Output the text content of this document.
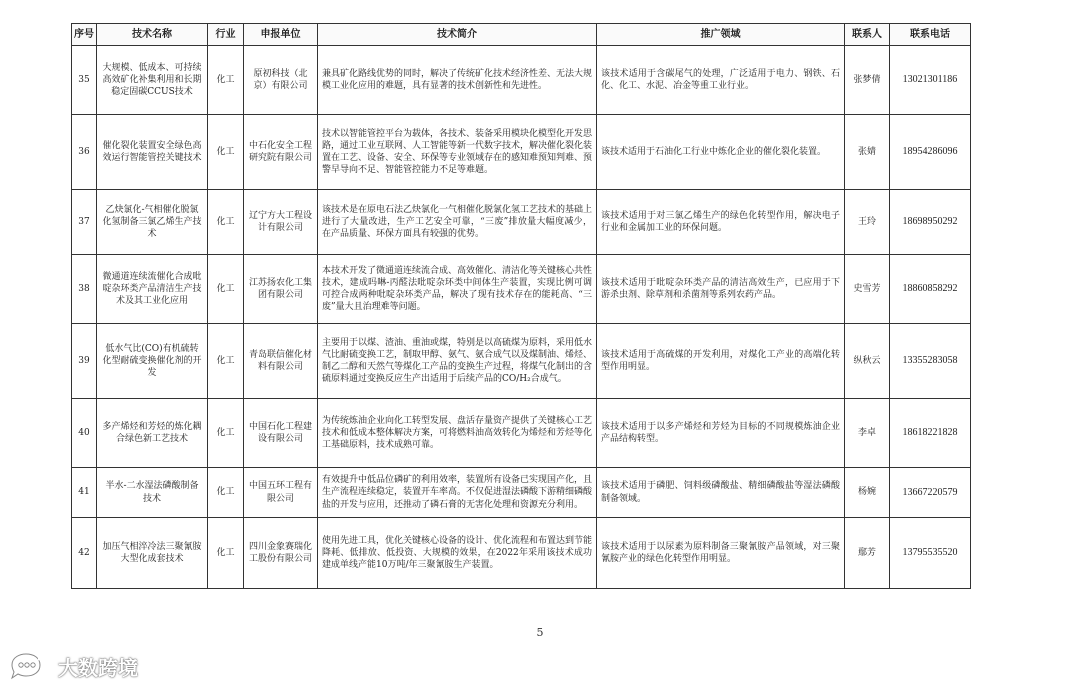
序号	技术名称	行业	申报单位	技术简介	推广领域	联系人	联系电话
35	大规模、低成本、可持续高效矿化补集利用和长期稳定固碳CCUS技术	化工	原初科技（北京）有限公司	兼具矿化路线优势的同时，解决了传统矿化技术经济性差、无法大规模工业化应用的难题，具有显著的技术创新性和先进性。	该技术适用于含碳尾气的处理，广泛适用于电力、钢铁、石化、化工、水泥、冶金等重工业行业。	张梦倩	13021301186
36	催化裂化装置安全绿色高效运行智能管控关键技术	化工	中石化安全工程研究院有限公司	技术以智能管控平台为载体，各技术、装备采用模块化模型化开发思路，通过工业互联网、人工智能等新一代数字技术，解决催化裂化装置在工艺、设备、安全、环保等专业领域存在的感知难预知判难、预警早导向不足、智能管控能力不足等难题。	该技术适用于石油化工行业中炼化企业的催化裂化装置。	张婧	18954286096
37	乙炔氯化-气相催化脱氯化氢制备三氯乙烯生产技术	化工	辽宁方大工程设计有限公司	该技术是在原电石法乙炔氯化一气相催化脱氯化氢工艺技术的基础上进行了大量改进，生产工艺安全可靠，“三废”排放量大幅度减少，在产品质量、环保方面具有较强的优势。	该技术适用于对三氯乙烯生产的绿色化转型作用，解决电子行业和金属加工业的环保问题。	王玲	18698950292
38	微通道连续流催化合成吡啶杂环类产品清洁生产技术及其工业化应用	化工	江苏扬农化工集团有限公司	本技术开发了微通道连续流合成、高效催化、清洁化等关键核心共性技术，建成吗啉-丙醛法吡啶杂环类中间体生产装置，实现比例可调可控合成两种吡啶杂环类产品，解决了现有技术存在的能耗高、“三废”量大且治理难等问题。	该技术适用于吡啶杂环类产品的清洁高效生产，已应用于下游杀虫剂、除草剂和杀菌剂等系列农药产品。	史雪芳	18860858292
39	低水气比(CO)有机硫转化型耐硫变换催化剂的开发	化工	青岛联信催化材料有限公司	主要用于以煤、渣油、重油或煤，特别是以高硫煤为原料，采用低水气比耐硫变换工艺，制取甲醇、氨气、氨合成气以及煤制油、烯烃、制乙二醇和天然气等煤化工产品的变换生产过程，将煤气化制出的含硫原料通过变换反应生产出适用于后续产品的CO/H₂合成气。	该技术适用于高硫煤的开发利用，对煤化工产业的高端化转型作用明显。	纵秋云	13355283058
40	多产烯烃和芳烃的炼化耦合绿色新工艺技术	化工	中国石化工程建设有限公司	为传统炼油企业向化工转型发展、盘活存量资产提供了关键核心工艺技术和低成本整体解决方案，可将燃料油高效转化为烯烃和芳烃等化工基础原料，技术成熟可靠。	该技术适用于以多产烯烃和芳烃为目标的不同规模炼油企业产品结构转型。	李卓	18618221828
41	半水-二水湿法磷酸制备技术	化工	中国五环工程有限公司	有效提升中低品位磷矿的利用效率，装置所有设备已实现国产化，且生产流程连续稳定，装置开车率高。不仅促进湿法磷酸下游精细磷酸盐的开发与应用，还推动了磷石膏的无害化处理和资源充分利用。	该技术适用于磷肥、饲料级磷酸盐、精细磷酸盐等湿法磷酸制备领域。	杨婉	13667220579
42	加压气相淬冷法三聚氰胺大型化成套技术	化工	四川金象赛瑞化工股份有限公司	使用先进工具，优化关键核心设备的设计、优化流程和布置达到节能降耗、低排放、低投资、大规模的效果，在2022年采用该技术成功建成单线产能10万吨/年三聚氰胺生产装置。	该技术适用于以尿素为原料制备三聚氰胺产品领域，对三聚氰胺产业的绿色化转型作用明显。	鄢芳	13795535520
5
大数跨境
